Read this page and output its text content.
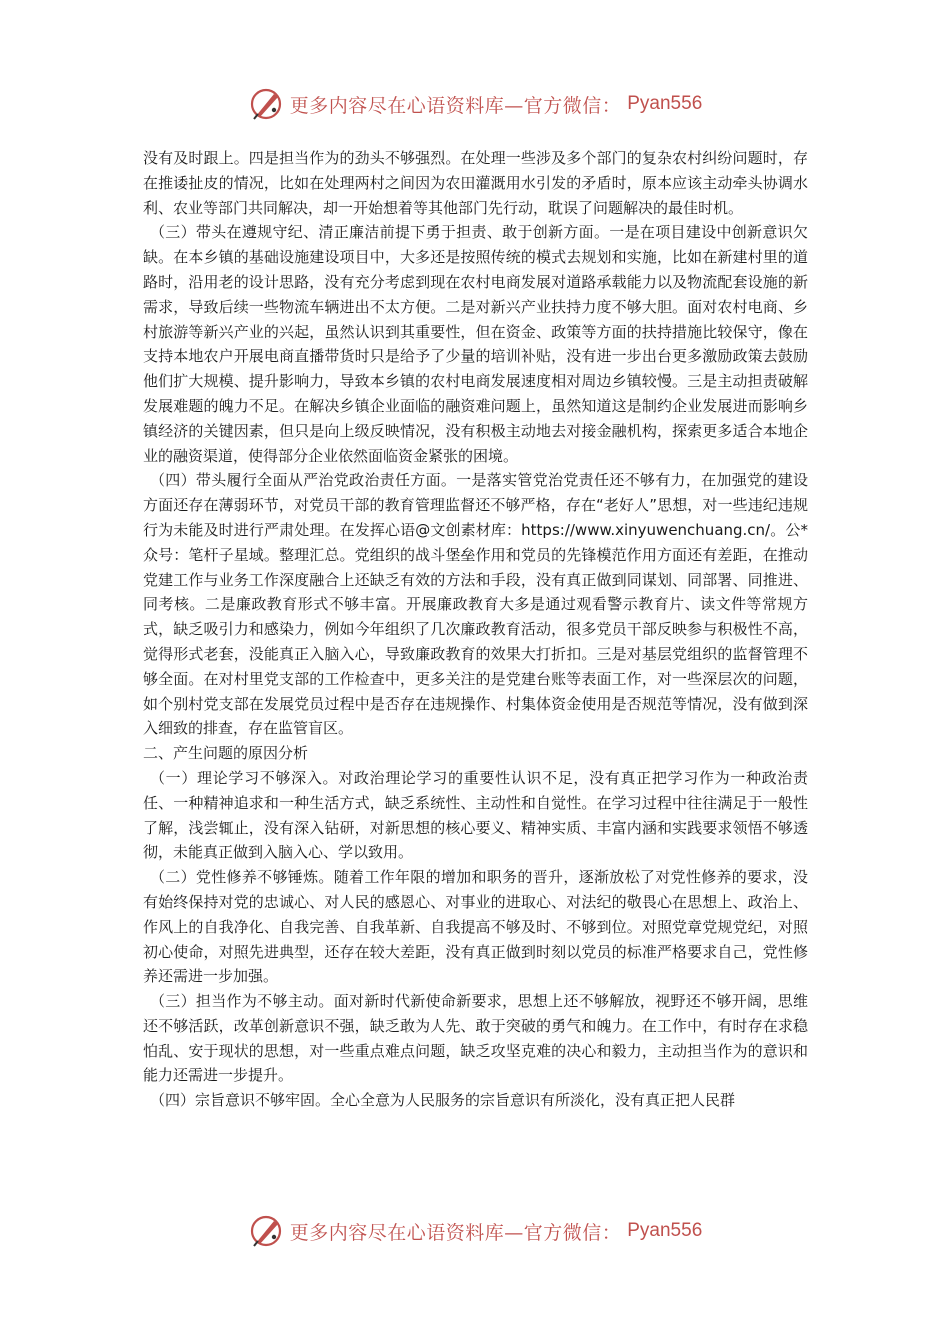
更多内容尽在心语资料库—官方微信： Pyan556

没有及时跟上。四是担当作为的劲头不够强烈。在处理一些涉及多个部门的复杂农村纠纷问题时，存在推诿扯皮的情况，比如在处理两村之间因为农田灌溉用水引发的矛盾时，原本应该主动牵头协调水利、农业等部门共同解决，却一开始想着等其他部门先行动，耽误了问题解决的最佳时机。

（三）带头在遵规守纪、清正廉洁前提下勇于担责、敢于创新方面。一是在项目建设中创新意识欠缺。在本乡镇的基础设施建设项目中，大多还是按照传统的模式去规划和实施，比如在新建村里的道路时，沿用老的设计思路，没有充分考虑到现在农村电商发展对道路承载能力以及物流配套设施的新需求，导致后续一些物流车辆进出不太方便。二是对新兴产业扶持力度不够大胆。面对农村电商、乡村旅游等新兴产业的兴起，虽然认识到其重要性，但在资金、政策等方面的扶持措施比较保守，像在支持本地农户开展电商直播带货时只是给予了少量的培训补贴，没有进一步出台更多激励政策去鼓励他们扩大规模、提升影响力，导致本乡镇的农村电商发展速度相对周边乡镇较慢。三是主动担责破解发展难题的魄力不足。在解决乡镇企业面临的融资难问题上，虽然知道这是制约企业发展进而影响乡镇经济的关键因素，但只是向上级反映情况，没有积极主动地去对接金融机构，探索更多适合本地企业的融资渠道，使得部分企业依然面临资金紧张的困境。

（四）带头履行全面从严治党政治责任方面。一是落实管党治党责任还不够有力，在加强党的建设方面还存在薄弱环节，对党员干部的教育管理监督还不够严格，存在“老好人”思想，对一些违纪违规行为未能及时进行严肃处理。在发挥心语@文创素材库：https://www.xinyuwenchuang.cn/。公*众号：笔杆子星域。整理汇总。党组织的战斗堡垒作用和党员的先锋模范作用方面还有差距，在推动党建工作与业务工作深度融合上还缺乏有效的方法和手段，没有真正做到同谋划、同部署、同推进、同考核。二是廉政教育形式不够丰富。开展廉政教育大多是通过观看警示教育片、读文件等常规方式，缺乏吸引力和感染力，例如今年组织了几次廉政教育活动，很多党员干部反映参与积极性不高，觉得形式老套，没能真正入脑入心，导致廉政教育的效果大打折扣。三是对基层党组织的监督管理不够全面。在对村里党支部的工作检查中，更多关注的是党建台账等表面工作，对一些深层次的问题，如个别村党支部在发展党员过程中是否存在违规操作、村集体资金使用是否规范等情况，没有做到深入细致的排查，存在监管盲区。

二、产生问题的原因分析

（一）理论学习不够深入。对政治理论学习的重要性认识不足，没有真正把学习作为一种政治责任、一种精神追求和一种生活方式，缺乏系统性、主动性和自觉性。在学习过程中往往满足于一般性了解，浅尝辄止，没有深入钻研，对新思想的核心要义、精神实质、丰富内涵和实践要求领悟不够透彻，未能真正做到入脑入心、学以致用。

（二）党性修养不够锤炼。随着工作年限的增加和职务的晋升，逐渐放松了对党性修养的要求，没有始终保持对党的忠诚心、对人民的感恩心、对事业的进取心、对法纪的敬畏心在思想上、政治上、作风上的自我净化、自我完善、自我革新、自我提高不够及时、不够到位。对照党章党规党纪，对照初心使命，对照先进典型，还存在较大差距，没有真正做到时刻以党员的标准严格要求自己，党性修养还需进一步加强。

（三）担当作为不够主动。面对新时代新使命新要求，思想上还不够解放，视野还不够开阔，思维还不够活跃，改革创新意识不强，缺乏敢为人先、敢于突破的勇气和魄力。在工作中，有时存在求稳怕乱、安于现状的思想，对一些重点难点问题，缺乏攻坚克难的决心和毅力，主动担当作为的意识和能力还需进一步提升。

（四）宗旨意识不够牢固。全心全意为人民服务的宗旨意识有所淡化，没有真正把人民群

更多内容尽在心语资料库—官方微信： Pyan556
